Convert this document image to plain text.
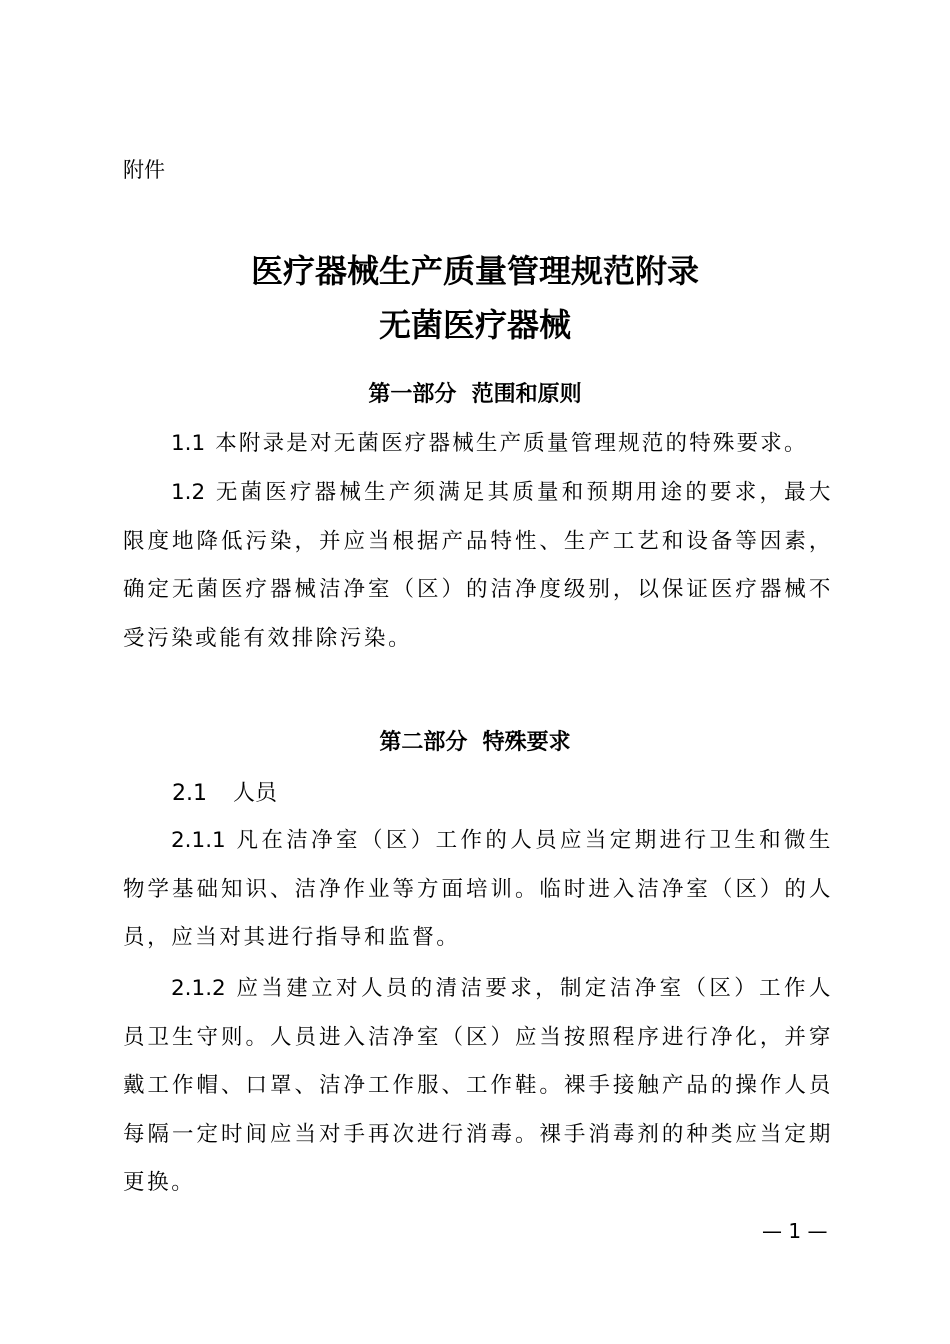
附件
医疗器械生产质量管理规范附录
无菌医疗器械
第一部分  范围和原则

1.1 本附录是对无菌医疗器械生产质量管理规范的特殊要求。

1.2 无菌医疗器械生产须满足其质量和预期用途的要求，最大限度地降低污染，并应当根据产品特性、生产工艺和设备等因素，确定无菌医疗器械洁净室（区）的洁净度级别，以保证医疗器械不受污染或能有效排除污染。

第二部分  特殊要求
2.1 人员

2.1.1 凡在洁净室（区）工作的人员应当定期进行卫生和微生物学基础知识、洁净作业等方面培训。临时进入洁净室（区）的人员，应当对其进行指导和监督。

2.1.2 应当建立对人员的清洁要求，制定洁净室（区）工作人员卫生守则。人员进入洁净室（区）应当按照程序进行净化，并穿戴工作帽、口罩、洁净工作服、工作鞋。裸手接触产品的操作人员每隔一定时间应当对手再次进行消毒。裸手消毒剂的种类应当定期更换。

— 1 —
